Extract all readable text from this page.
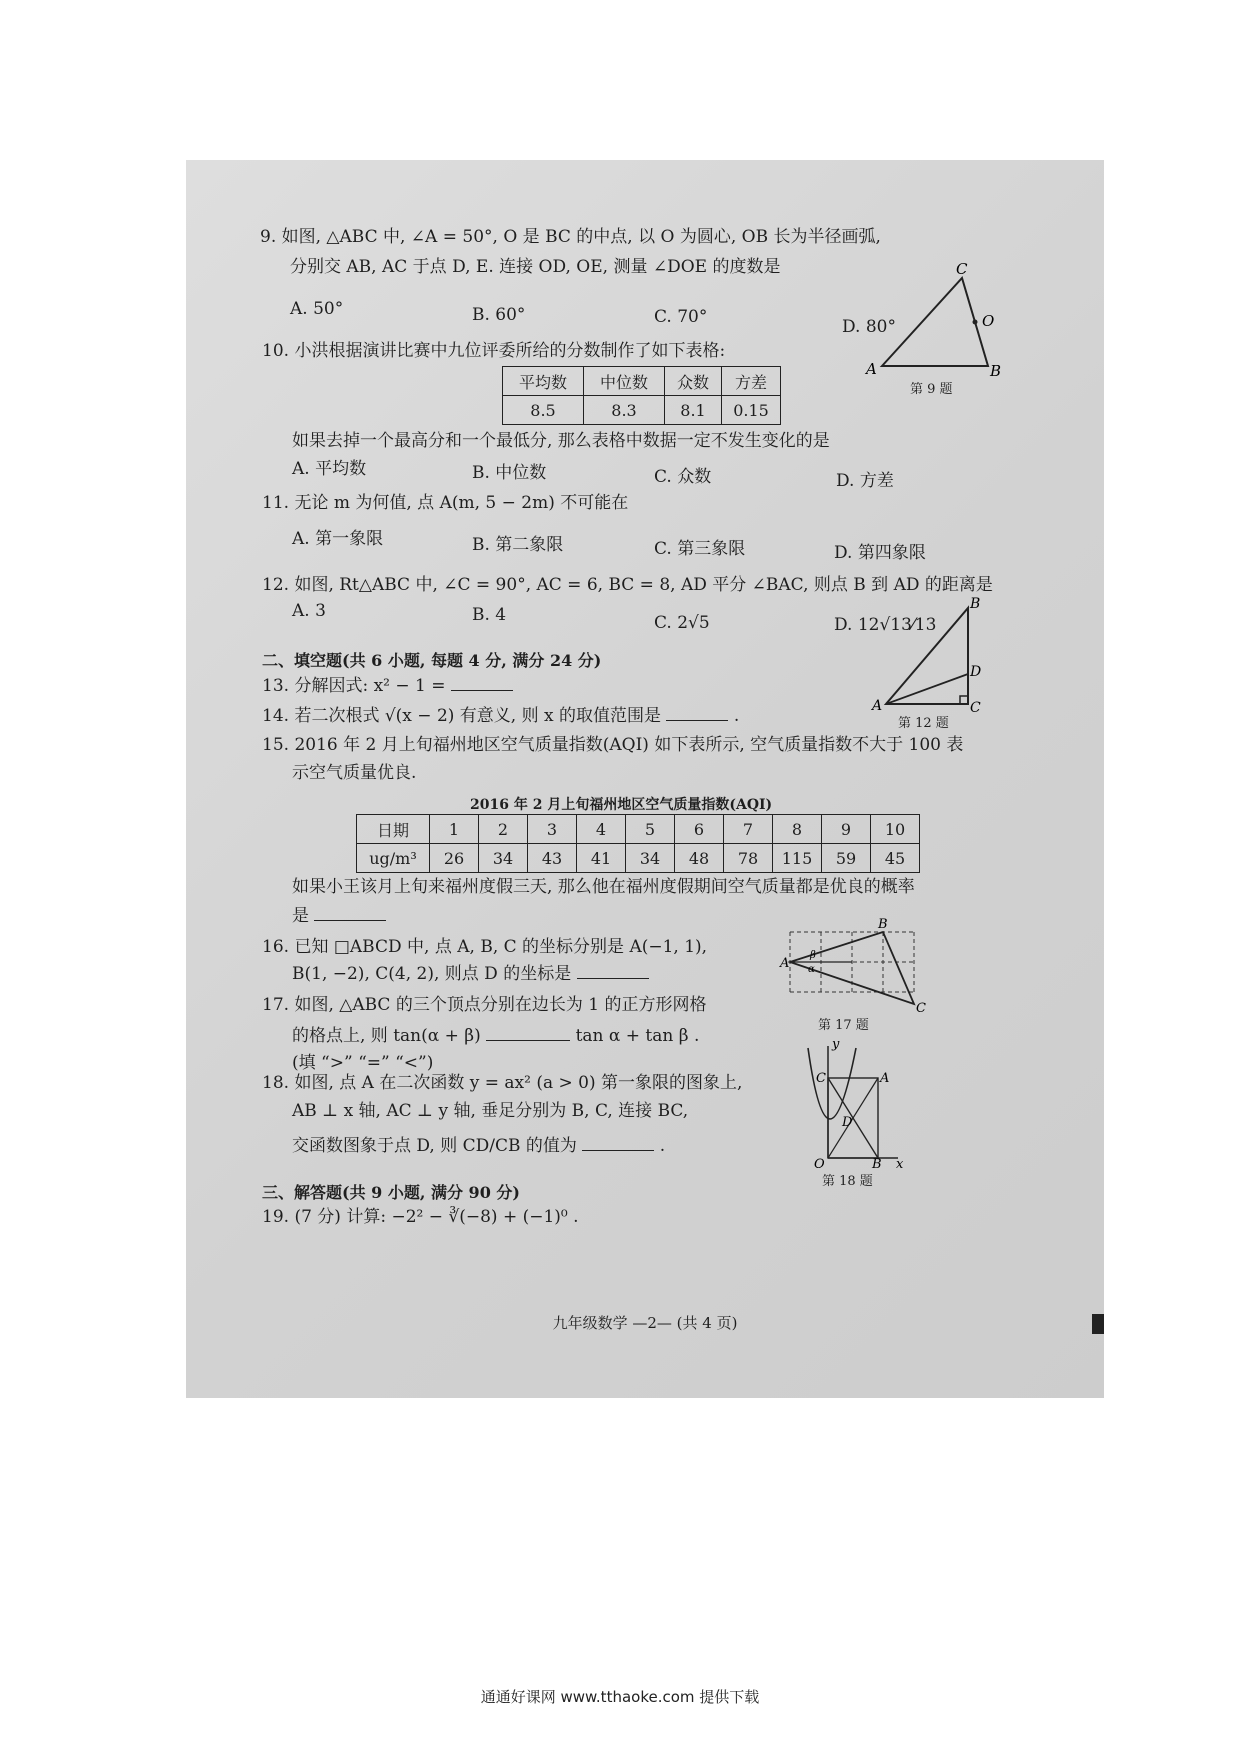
9. 如图, △ABC 中, ∠A = 50°, O 是 BC 的中点, 以 O 为圆心, OB 长为半径画弧,
分别交 AB, AC 于点 D, E. 连接 OD, OE, 测量 ∠DOE 的度数是
A. 50°	B. 60°	C. 70°	D. 80°
A	B
C
O
第 9 题
10. 小洪根据演讲比赛中九位评委所给的分数制作了如下表格:
平均数	中位数	众数	方差
8.5	8.3	8.1	0.15
如果去掉一个最高分和一个最低分, 那么表格中数据一定不发生变化的是
A. 平均数	B. 中位数	C. 众数	D. 方差
11. 无论 m 为何值, 点 A(m, 5 − 2m) 不可能在
A. 第一象限	B. 第二象限	C. 第三象限	D. 第四象限
12. 如图, Rt△ABC 中, ∠C = 90°, AC = 6, BC = 8, AD 平分 ∠BAC, 则点 B 到 AD 的距离是
A. 3	B. 4	C. 2√5	D. 12√13⁄13
A
B
C
D
第 12 题
二、填空题(共 6 小题, 每题 4 分, 满分 24 分)
13. 分解因式: x² − 1 =
14. 若二次根式 √(x − 2) 有意义, 则 x 的取值范围是	.
15. 2016 年 2 月上旬福州地区空气质量指数(AQI) 如下表所示, 空气质量指数不大于 100 表
示空气质量优良.
2016 年 2 月上旬福州地区空气质量指数(AQI)
日期	1	2	3	4	5	6	7	8	9	10
ug/m³	26	34	43	41	34	48	78	115	59	45
如果小王该月上旬来福州度假三天, 那么他在福州度假期间空气质量都是优良的概率
是
16. 已知 □ABCD 中, 点 A, B, C 的坐标分别是 A(−1, 1),
B(1, −2), C(4, 2), 则点 D 的坐标是
17. 如图, △ABC 的三个顶点分别在边长为 1 的正方形网格
的格点上, 则 tan(α + β)	tan α + tan β .
(填 “>” “=” “<”)
A
B
C
β
α
第 17 题
18. 如图, 点 A 在二次函数 y = ax² (a > 0) 第一象限的图象上,
AB ⊥ x 轴, AC ⊥ y 轴, 垂足分别为 B, C, 连接 BC,
交函数图象于点 D, 则 CD/CB 的值为	.
y
x
O
A
B
C
D
第 18 题
三、解答题(共 9 小题, 满分 90 分)
19. (7 分) 计算: −2² − ∛(−8) + (−1)⁰ .
九年级数学 —2— (共 4 页)
通通好课网 www.tthaoke.com 提供下载
